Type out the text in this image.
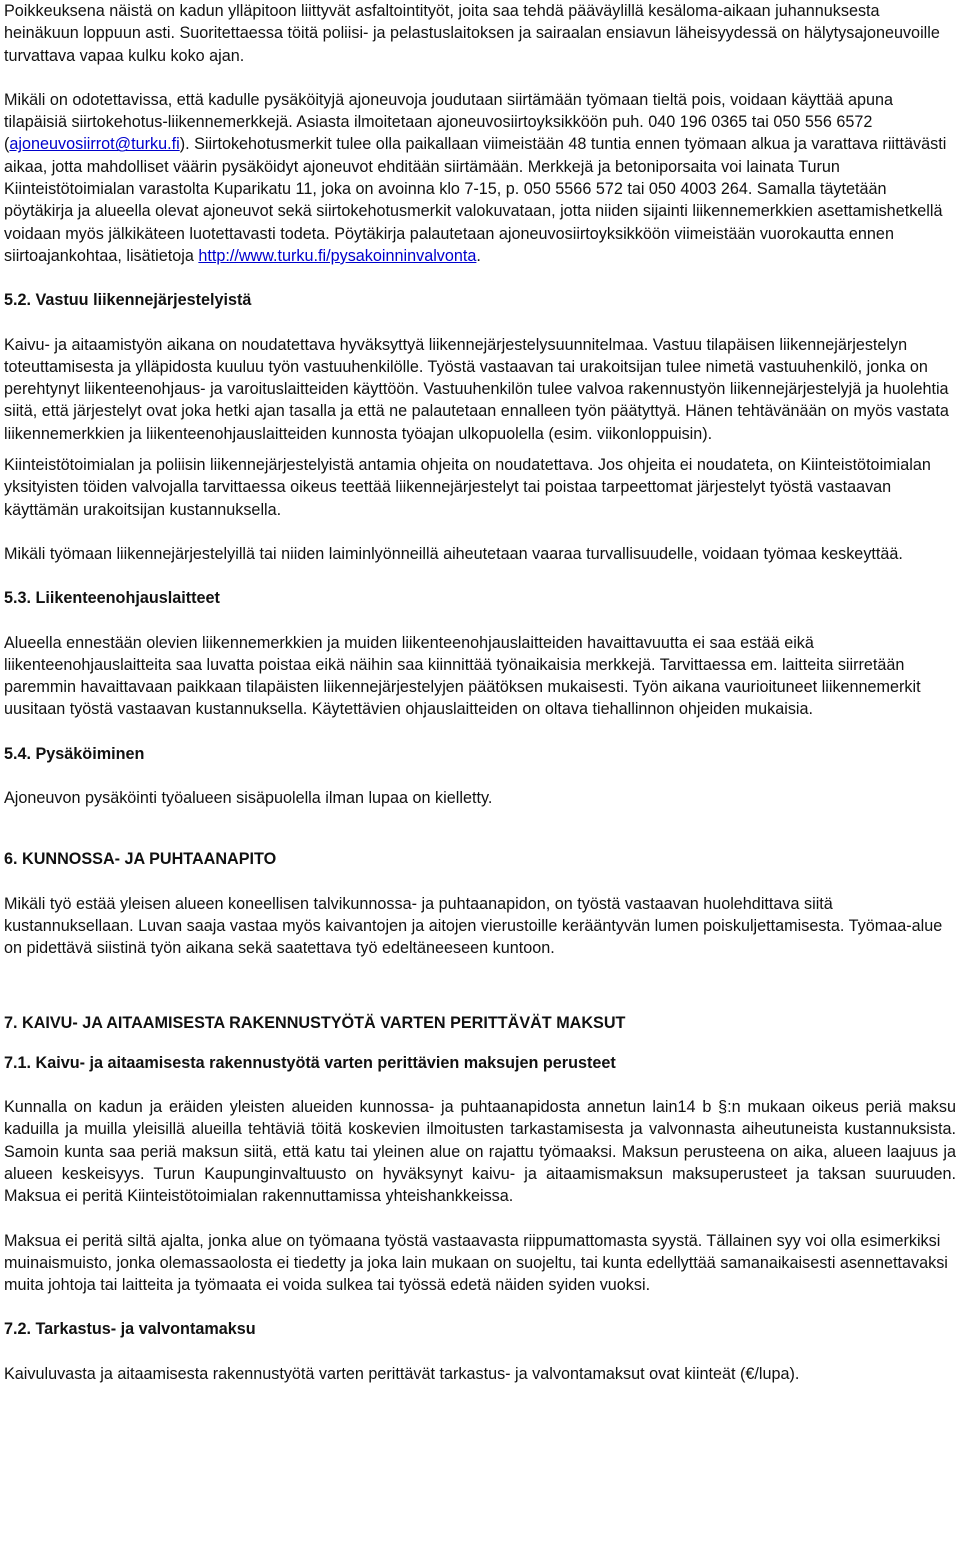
Poikkeuksena näistä on kadun ylläpitoon liittyvät asfaltointityöt, joita saa tehdä pääväylillä kesäloma-aikaan juhannuksesta heinäkuun loppuun asti. Suoritettaessa töitä poliisi- ja pelastuslaitoksen ja sairaalan ensiavun läheisyydessä on hälytysajoneuvoille turvattava vapaa kulku koko ajan.

Mikäli on odotettavissa, että kadulle pysäköityjä ajoneuvoja joudutaan siirtämään työmaan tieltä pois, voidaan käyttää apuna tilapäisiä siirtokehotus-liikennemerkkejä. Asiasta ilmoitetaan ajoneuvosiirtoyksikköön puh. 040 196 0365 tai 050 556 6572 (ajoneuvosiirrot@turku.fi). Siirtokehotusmerkit tulee olla paikallaan viimeistään 48 tuntia ennen työmaan alkua ja varattava riittävästi aikaa, jotta mahdolliset väärin pysäköidyt ajoneuvot ehditään siirtämään. Merkkejä ja betoniporsaita voi lainata Turun Kiinteistötoimialan varastolta Kuparikatu 11, joka on avoinna klo 7-15, p. 050 5566 572 tai 050 4003 264. Samalla täytetään pöytäkirja ja alueella olevat ajoneuvot sekä siirtokehotusmerkit valokuvataan, jotta niiden sijainti liikennemerkkien asettamishetkellä voidaan myös jälkikäteen luotettavasti todeta. Pöytäkirja palautetaan ajoneuvosiirtoyksikköön viimeistään vuorokautta ennen siirtoajankohtaa, lisätietoja http://www.turku.fi/pysakoinninvalvonta.

5.2. Vastuu liikennejärjestelyistä

Kaivu- ja aitaamistyön aikana on noudatettava hyväksyttyä liikennejärjestelysuunnitelmaa. Vastuu tilapäisen liikennejärjestelyn toteuttamisesta ja ylläpidosta kuuluu työn vastuuhenkilölle. Työstä vastaavan tai urakoitsijan tulee nimetä vastuuhenkilö, jonka on perehtynyt liikenteenohjaus- ja varoituslaitteiden käyttöön. Vastuuhenkilön tulee valvoa rakennustyön liikennejärjestelyjä ja huolehtia siitä, että järjestelyt ovat joka hetki ajan tasalla ja että ne palautetaan ennalleen työn päätyttyä. Hänen tehtävänään on myös vastata liikennemerkkien ja liikenteenohjauslaitteiden kunnosta työajan ulkopuolella (esim. viikonloppuisin).

Kiinteistötoimialan ja poliisin liikennejärjestelyistä antamia ohjeita on noudatettava. Jos ohjeita ei noudateta, on Kiinteistötoimialan yksityisten töiden valvojalla tarvittaessa oikeus teettää liikennejärjestelyt tai poistaa tarpeettomat järjestelyt työstä vastaavan käyttämän urakoitsijan kustannuksella.

Mikäli työmaan liikennejärjestelyillä tai niiden laiminlyönneillä aiheutetaan vaaraa turvallisuudelle, voidaan työmaa keskeyttää.

5.3. Liikenteenohjauslaitteet

Alueella ennestään olevien liikennemerkkien ja muiden liikenteenohjauslaitteiden havaittavuutta ei saa estää eikä liikenteenohjauslaitteita saa luvatta poistaa eikä näihin saa kiinnittää työnaikaisia merkkejä. Tarvittaessa em. laitteita siirretään paremmin havaittavaan paikkaan tilapäisten liikennejärjestelyjen päätöksen mukaisesti. Työn aikana vaurioituneet liikennemerkit uusitaan työstä vastaavan kustannuksella. Käytettävien ohjauslaitteiden on oltava tiehallinnon ohjeiden mukaisia.

5.4. Pysäköiminen

Ajoneuvon pysäköinti työalueen sisäpuolella ilman lupaa on kielletty.

6. KUNNOSSA- JA PUHTAANAPITO

Mikäli työ estää yleisen alueen koneellisen talvikunnossa- ja puhtaanapidon, on työstä vastaavan huolehdittava siitä kustannuksellaan. Luvan saaja vastaa myös kaivantojen ja aitojen vierustoille kerääntyvän lumen poiskuljettamisesta. Työmaa-alue on pidettävä siistinä työn aikana sekä saatettava työ edeltäneeseen kuntoon.

7. KAIVU- JA AITAAMISESTA RAKENNUSTYÖTÄ VARTEN PERITTÄVÄT MAKSUT
7.1. Kaivu- ja aitaamisesta rakennustyötä varten perittävien maksujen perusteet

Kunnalla on kadun ja eräiden yleisten alueiden kunnossa- ja puhtaanapidosta annetun lain14 b §:n mukaan oikeus periä maksu kaduilla ja muilla yleisillä alueilla tehtäviä töitä koskevien ilmoitusten tarkastamisesta ja valvonnasta aiheutuneista kustannuksista. Samoin kunta saa periä maksun siitä, että katu tai yleinen alue on rajattu työmaaksi. Maksun perusteena on aika, alueen laajuus ja alueen keskeisyys. Turun Kaupunginvaltuusto on hyväksynyt kaivu- ja aitaamismaksun maksuperusteet ja taksan suuruuden. Maksua ei peritä Kiinteistötoimialan rakennuttamissa yhteishankkeissa.

Maksua ei peritä siltä ajalta, jonka alue on työmaana työstä vastaavasta riippumattomasta syystä. Tällainen syy voi olla esimerkiksi muinaismuisto, jonka olemassaolosta ei tiedetty ja joka lain mukaan on suojeltu, tai kunta edellyttää samanaikaisesti asennettavaksi muita johtoja tai laitteita ja työmaata ei voida sulkea tai työssä edetä näiden syiden vuoksi.

7.2. Tarkastus- ja valvontamaksu

Kaivuluvasta ja aitaamisesta rakennustyötä varten perittävät tarkastus- ja valvontamaksut ovat kiinteät (€/lupa).
